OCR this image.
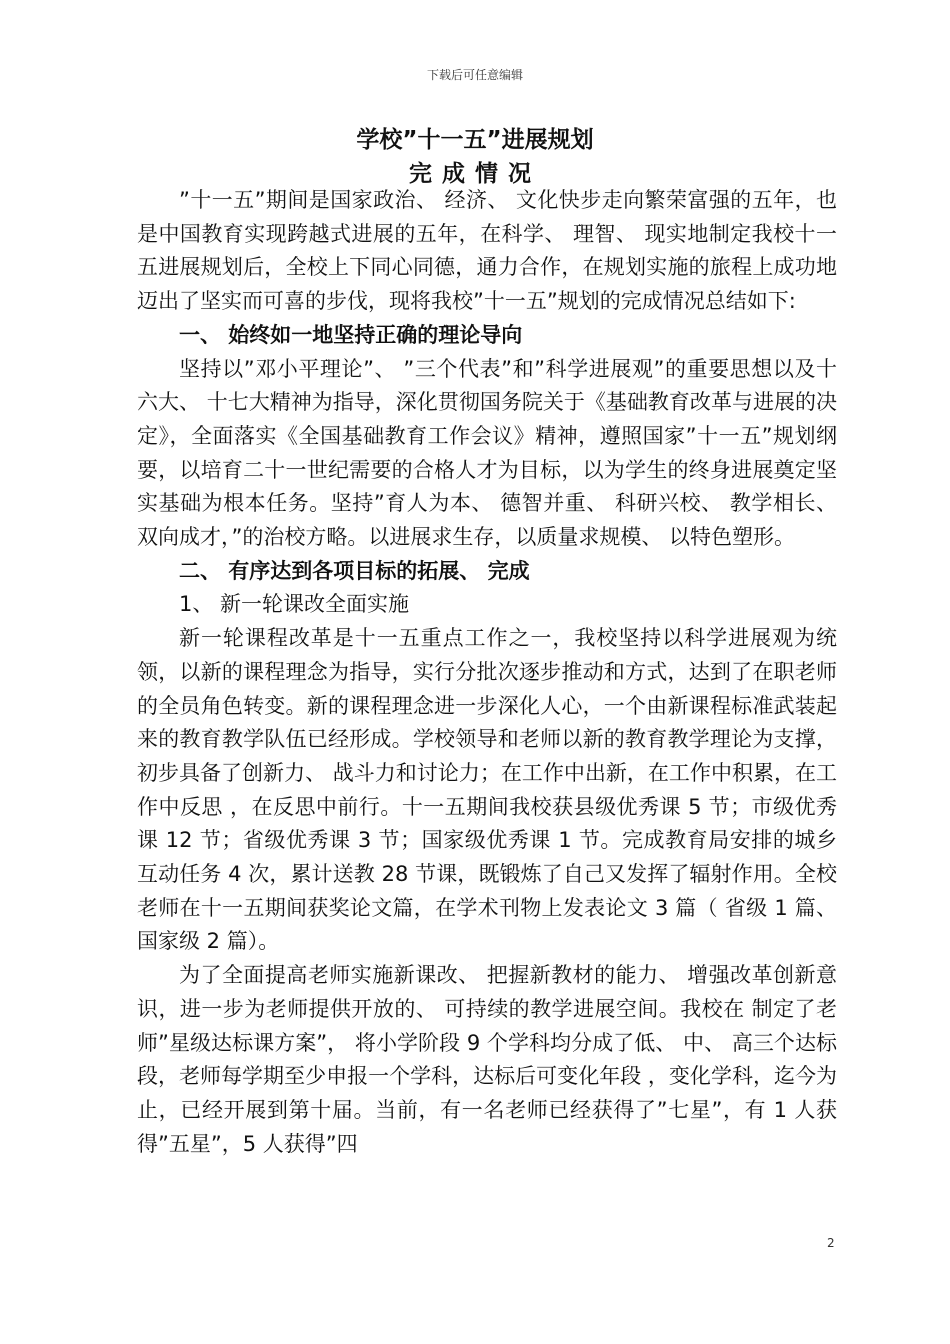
下载后可任意编辑
学校”十一五”进展规划
完成情况

”十一五”期间是国家政治、 经济、 文化快步走向繁荣富强的五年，也是中国教育实现跨越式进展的五年，在科学、 理智、 现实地制定我校十一五进展规划后，全校上下同心同德，通力合作，在规划实施的旅程上成功地迈出了坚实而可喜的步伐，现将我校”十一五”规划的完成情况总结如下:

一、 始终如一地坚持正确的理论导向

坚持以”邓小平理论”、 ”三个代表”和”科学进展观”的重要思想以及十六大、 十七大精神为指导，深化贯彻国务院关于《基础教育改革与进展的决定》，全面落实《全国基础教育工作会议》精神，遵照国家”十一五”规划纲要，以培育二十一世纪需要的合格人才为目标，以为学生的终身进展奠定坚实基础为根本任务。坚持”育人为本、 德智并重、 科研兴校、 教学相长、 双向成才，”的治校方略。以进展求生存，以质量求规模、 以特色塑形。

二、 有序达到各项目标的拓展、 完成
1、 新一轮课改全面实施

新一轮课程改革是十一五重点工作之一，我校坚持以科学进展观为统领，以新的课程理念为指导，实行分批次逐步推动和方式，达到了在职老师的全员角色转变。新的课程理念进一步深化人心，一个由新课程标准武装起来的教育教学队伍已经形成。学校领导和老师以新的教育教学理论为支撑，初步具备了创新力、 战斗力和讨论力；在工作中出新，在工作中积累，在工作中反思 ，在反思中前行。十一五期间我校获县级优秀课 5 节；市级优秀课 12 节；省级优秀课 3 节；国家级优秀课 1 节。完成教育局安排的城乡互动任务 4 次，累计送教 28 节课，既锻炼了自己又发挥了辐射作用。全校老师在十一五期间获奖论文篇，在学术刊物上发表论文 3 篇（ 省级 1 篇、 国家级 2 篇）。

为了全面提高老师实施新课改、 把握新教材的能力、 增强改革创新意识，进一步为老师提供开放的、 可持续的教学进展空间。我校在 制定了老师”星级达标课方案”， 将小学阶段 9 个学科均分成了低、 中、 高三个达标段，老师每学期至少申报一个学科，达标后可变化年段 ，变化学科，迄今为止，已经开展到第十届。当前，有一名老师已经获得了”七星”，有 1 人获得”五星”，5 人获得”四

2
